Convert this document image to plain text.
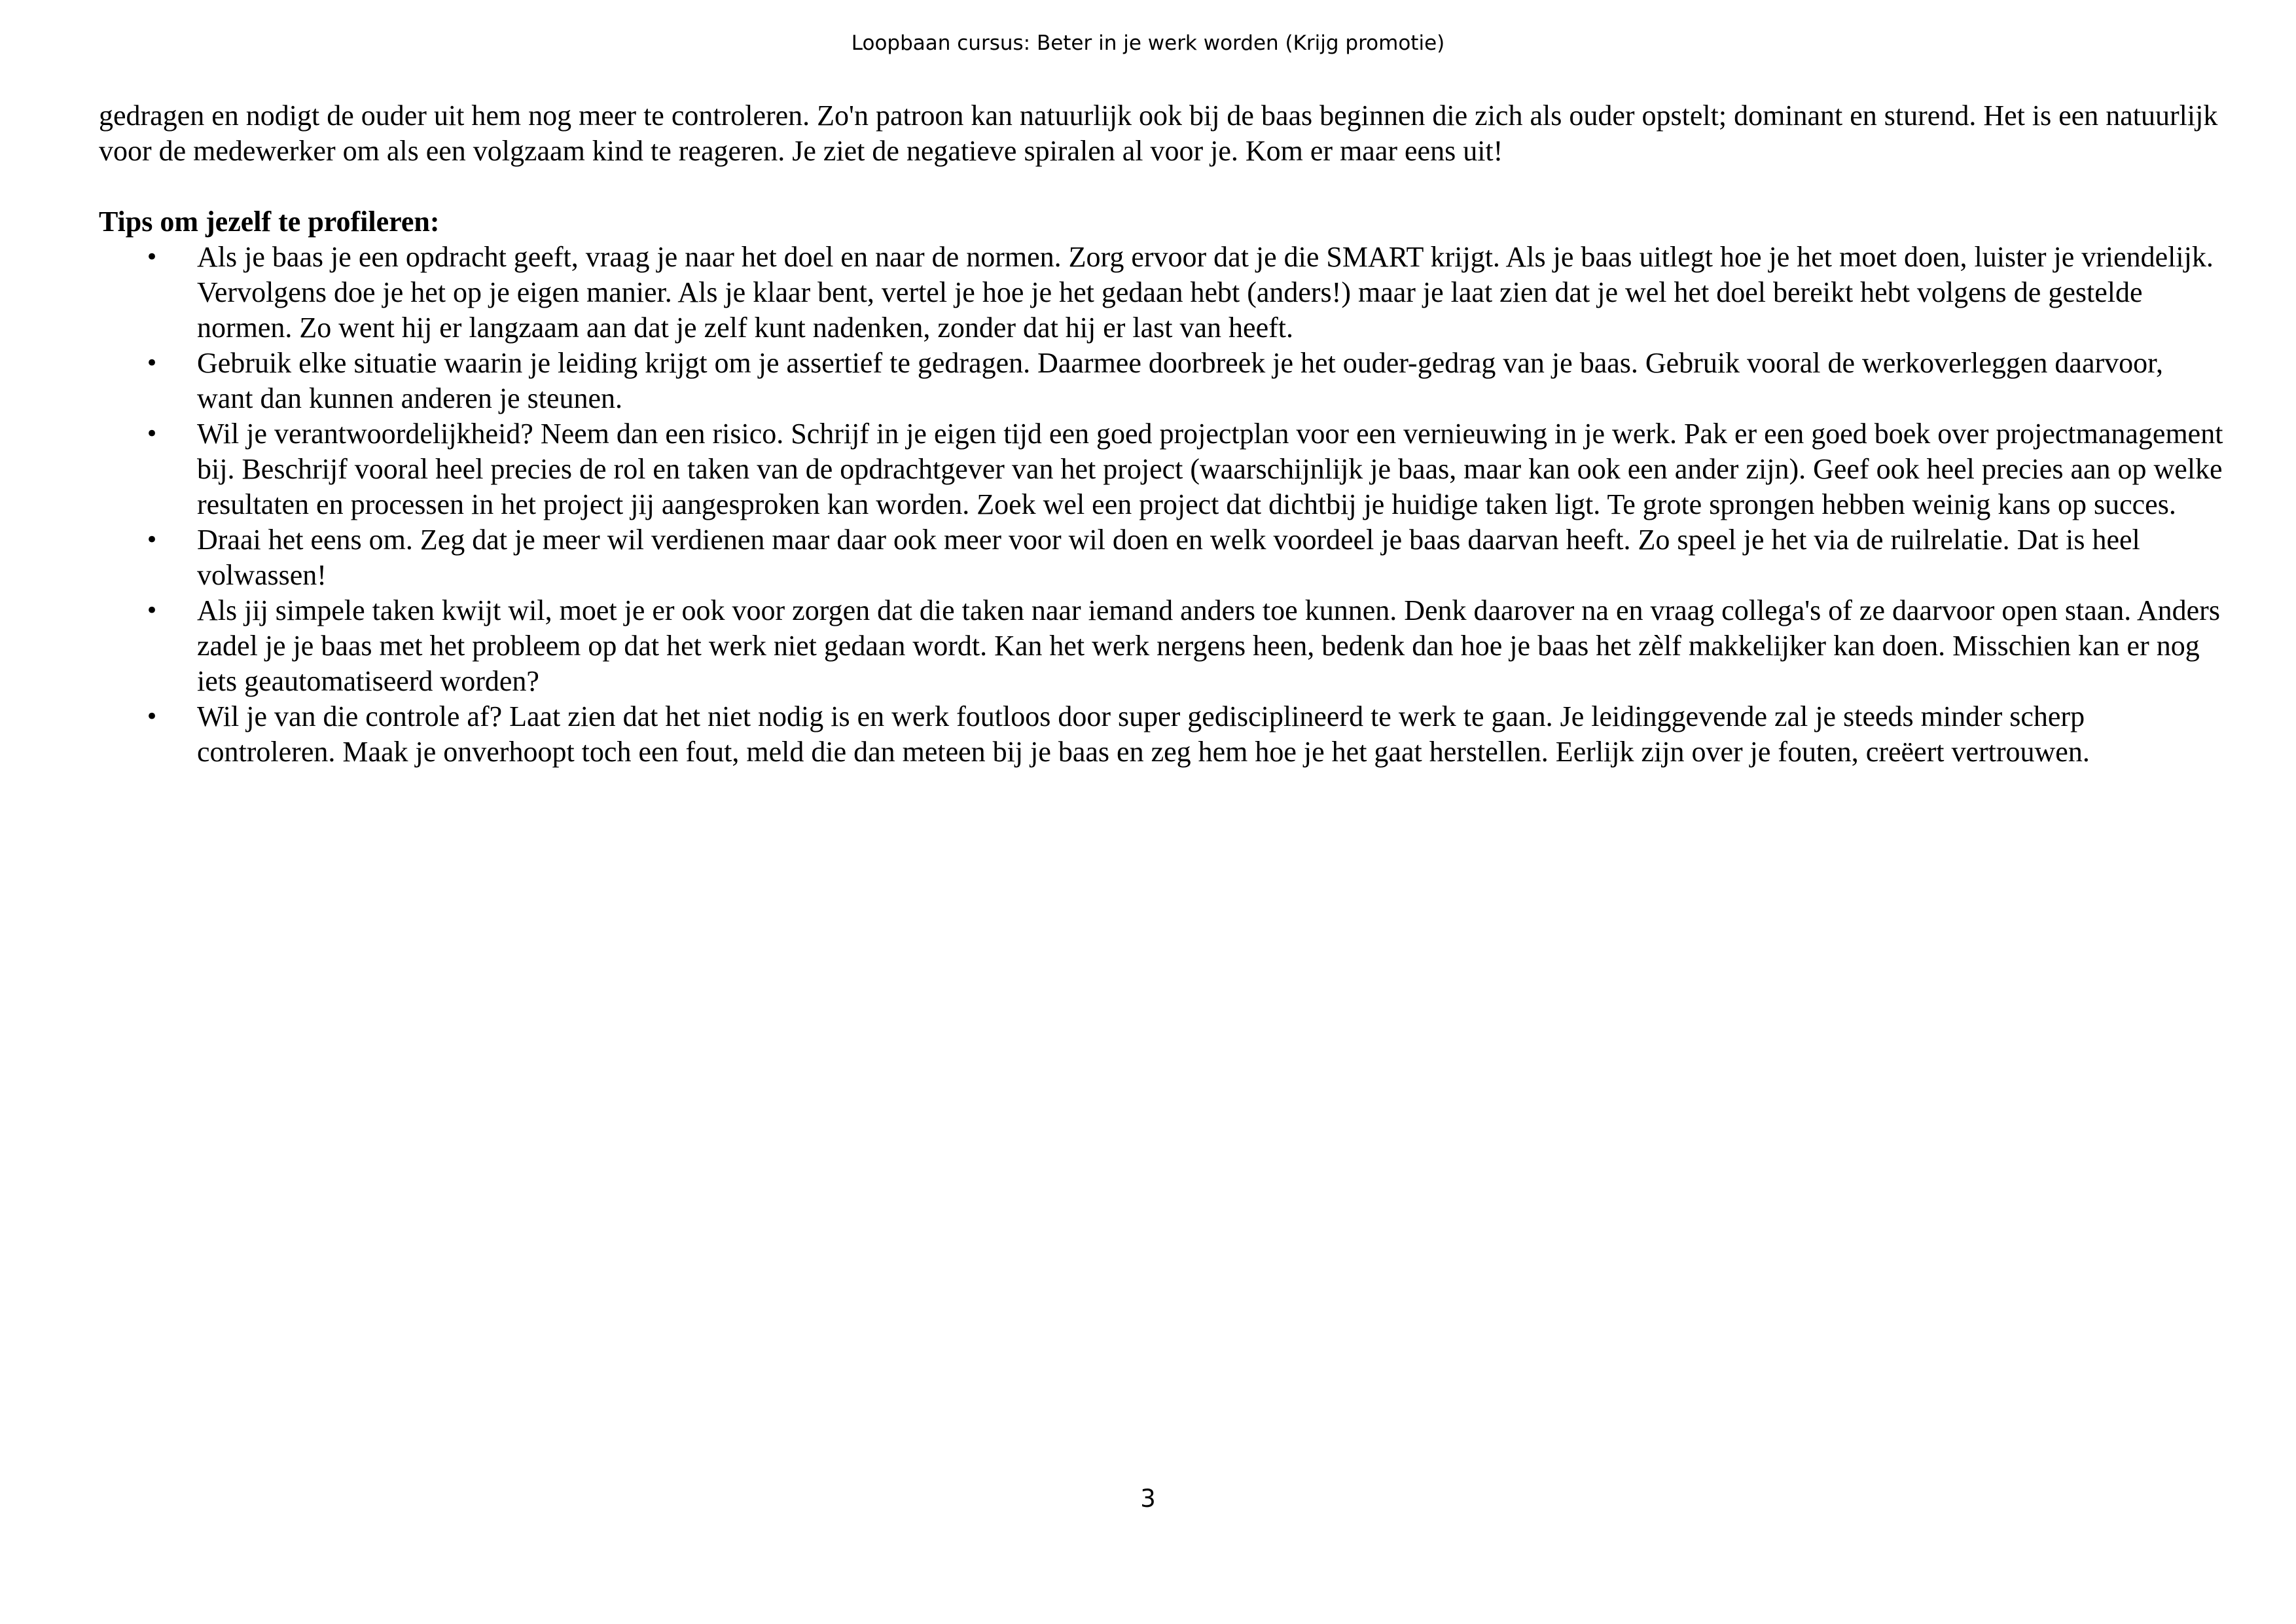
Loopbaan cursus: Beter in je werk worden (Krijg promotie)

gedragen en nodigt de ouder uit hem nog meer te controleren. Zo'n patroon kan natuurlijk ook bij de baas beginnen die zich als ouder opstelt; dominant en sturend. Het is een natuurlijk voor de medewerker om als een volgzaam kind te reageren. Je ziet de negatieve spiralen al voor je. Kom er maar eens uit!

Tips om jezelf te profileren:
• Als je baas je een opdracht geeft, vraag je naar het doel en naar de normen. Zorg ervoor dat je die SMART krijgt. Als je baas uitlegt hoe je het moet doen, luister je vriendelijk. Vervolgens doe je het op je eigen manier. Als je klaar bent, vertel je hoe je het gedaan hebt (anders!) maar je laat zien dat je wel het doel bereikt hebt volgens de gestelde normen. Zo went hij er langzaam aan dat je zelf kunt nadenken, zonder dat hij er last van heeft.
• Gebruik elke situatie waarin je leiding krijgt om je assertief te gedragen. Daarmee doorbreek je het ouder-gedrag van je baas. Gebruik vooral de werkoverleggen daarvoor, want dan kunnen anderen je steunen.
• Wil je verantwoordelijkheid? Neem dan een risico. Schrijf in je eigen tijd een goed projectplan voor een vernieuwing in je werk. Pak er een goed boek over projectmanagement bij. Beschrijf vooral heel precies de rol en taken van de opdrachtgever van het project (waarschijnlijk je baas, maar kan ook een ander zijn). Geef ook heel precies aan op welke resultaten en processen in het project jij aangesproken kan worden. Zoek wel een project dat dichtbij je huidige taken ligt. Te grote sprongen hebben weinig kans op succes.
• Draai het eens om. Zeg dat je meer wil verdienen maar daar ook meer voor wil doen en welk voordeel je baas daarvan heeft. Zo speel je het via de ruilrelatie. Dat is heel volwassen!
• Als jij simpele taken kwijt wil, moet je er ook voor zorgen dat die taken naar iemand anders toe kunnen. Denk daarover na en vraag collega's of ze daarvoor open staan. Anders zadel je je baas met het probleem op dat het werk niet gedaan wordt. Kan het werk nergens heen, bedenk dan hoe je baas het zèlf makkelijker kan doen. Misschien kan er nog iets geautomatiseerd worden?
• Wil je van die controle af? Laat zien dat het niet nodig is en werk foutloos door super gedisciplineerd te werk te gaan. Je leidinggevende zal je steeds minder scherp controleren. Maak je onverhoopt toch een fout, meld die dan meteen bij je baas en zeg hem hoe je het gaat herstellen. Eerlijk zijn over je fouten, creëert vertrouwen.
3
